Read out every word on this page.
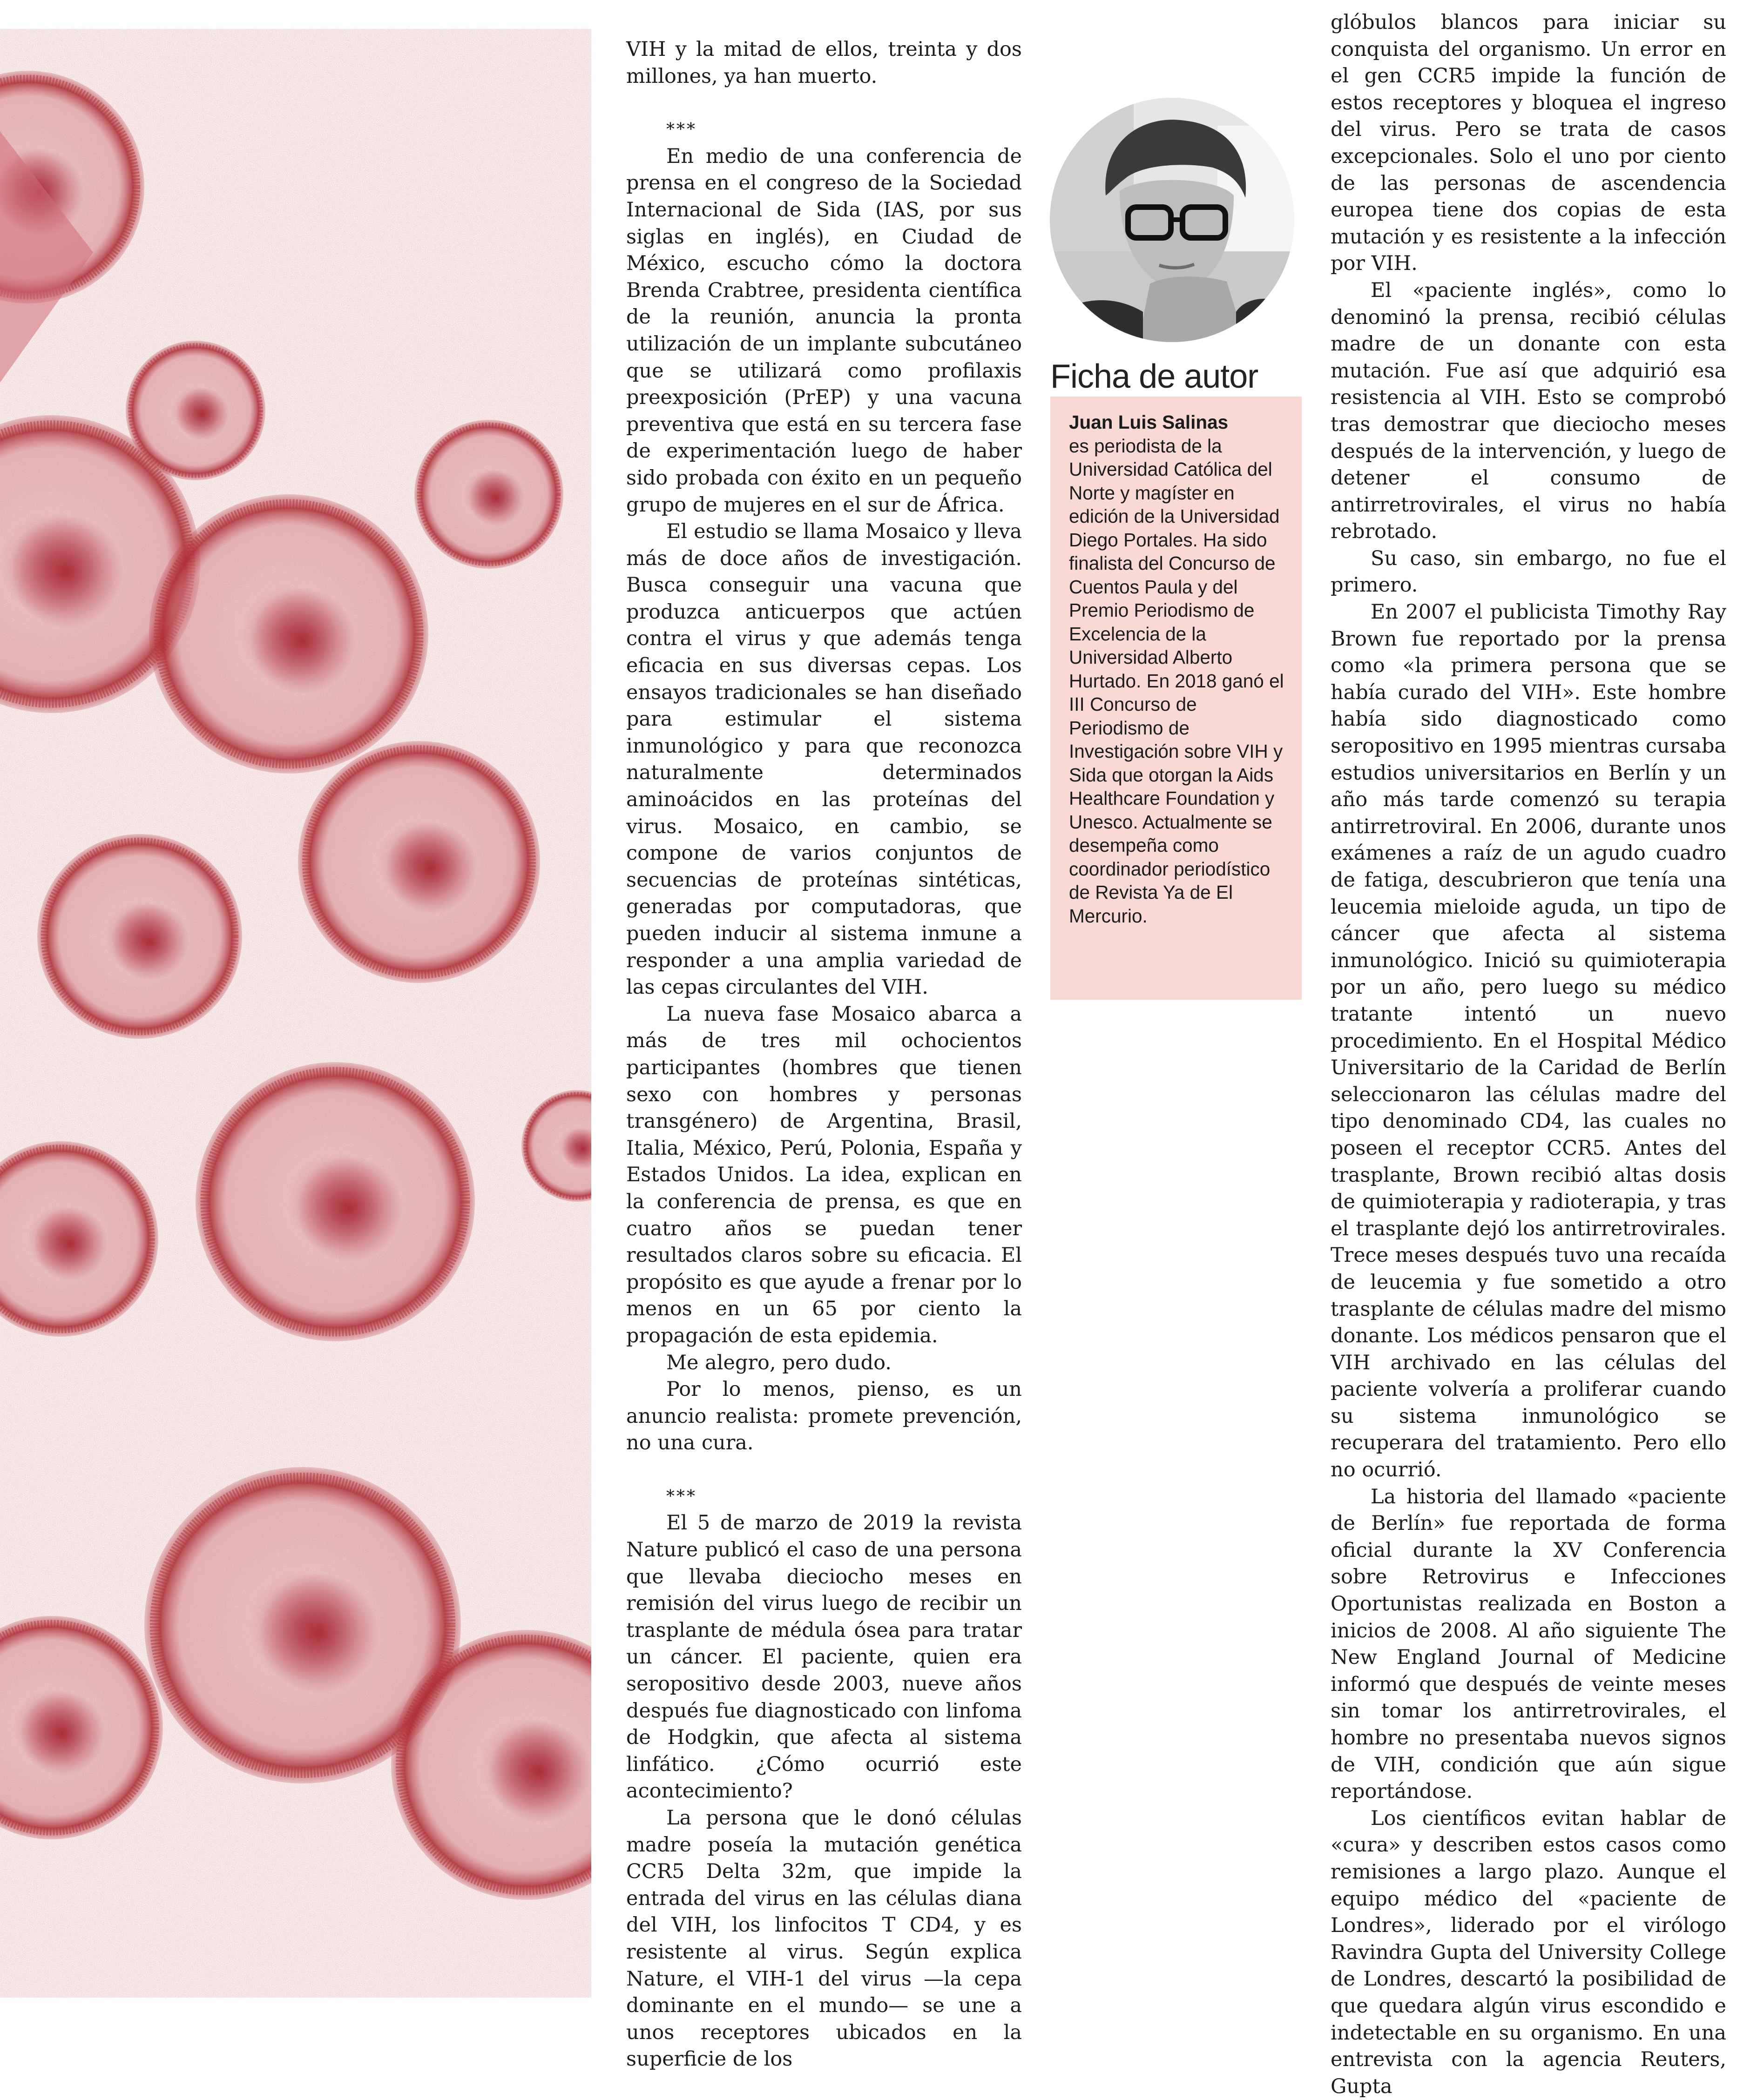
VIH y la mitad de ellos, treinta y dos millones, ya han muerto.

***

En medio de una conferencia de prensa en el congreso de la Sociedad Internacional de Sida (IAS, por sus siglas en inglés), en Ciudad de México, escucho cómo la doctora Brenda Crabtree, presidenta científica de la reunión, anuncia la pronta utilización de un implante subcutáneo que se utilizará como profilaxis preexposición (PrEP) y una vacuna preventiva que está en su tercera fase de experimentación luego de haber sido probada con éxito en un pequeño grupo de mujeres en el sur de África.

El estudio se llama Mosaico y lleva más de doce años de investigación. Busca conseguir una vacuna que produzca anticuerpos que actúen contra el virus y que además tenga eficacia en sus diversas cepas. Los ensayos tradicionales se han diseñado para estimular el sistema inmunológico y para que reconozca naturalmente determinados aminoácidos en las proteínas del virus. Mosaico, en cambio, se compone de varios conjuntos de secuencias de proteínas sintéticas, generadas por computadoras, que pueden inducir al sistema inmune a responder a una amplia variedad de las cepas circulantes del VIH.

La nueva fase Mosaico abarca a más de tres mil ochocientos participantes (hombres que tienen sexo con hombres y personas transgénero) de Argentina, Brasil, Italia, México, Perú, Polonia, España y Estados Unidos. La idea, explican en la conferencia de prensa, es que en cuatro años se puedan tener resultados claros sobre su eficacia. El propósito es que ayude a frenar por lo menos en un 65 por ciento la propagación de esta epidemia.

Me alegro, pero dudo.

Por lo menos, pienso, es un anuncio realista: promete prevención, no una cura.

***

El 5 de marzo de 2019 la revista Nature publicó el caso de una persona que llevaba dieciocho meses en remisión del virus luego de recibir un trasplante de médula ósea para tratar un cáncer. El paciente, quien era seropositivo desde 2003, nueve años después fue diagnosticado con linfoma de Hodgkin, que afecta al sistema linfático. ¿Cómo ocurrió este acontecimiento?

La persona que le donó células madre poseía la mutación genética CCR5 Delta 32m, que impide la entrada del virus en las células diana del VIH, los linfocitos T CD4, y es resistente al virus. Según explica Nature, el VIH-1 del virus —la cepa dominante en el mundo— se une a unos receptores ubicados en la superficie de los

Ficha de autor
Juan Luis Salinas
es periodista de la Universidad Católica del Norte y magíster en edición de la Universidad Diego Portales. Ha sido finalista del Concurso de Cuentos Paula y del Premio Periodismo de Excelencia de la Universidad Alberto Hurtado. En 2018 ganó el III Concurso de Periodismo de Investigación sobre VIH y Sida que otorgan la Aids Healthcare Foundation y Unesco. Actualmente se desempeña como coordinador periodístico de Revista Ya de El Mercurio.

glóbulos blancos para iniciar su conquista del organismo. Un error en el gen CCR5 impide la función de estos receptores y bloquea el ingreso del virus. Pero se trata de casos excepcionales. Solo el uno por ciento de las personas de ascendencia europea tiene dos copias de esta mutación y es resistente a la infección por VIH.

El «paciente inglés», como lo denominó la prensa, recibió células madre de un donante con esta mutación. Fue así que adquirió esa resistencia al VIH. Esto se comprobó tras demostrar que dieciocho meses después de la intervención, y luego de detener el consumo de antirretrovirales, el virus no había rebrotado.

Su caso, sin embargo, no fue el primero.

En 2007 el publicista Timothy Ray Brown fue reportado por la prensa como «la primera persona que se había curado del VIH». Este hombre había sido diagnosticado como seropositivo en 1995 mientras cursaba estudios universitarios en Berlín y un año más tarde comenzó su terapia antirretroviral. En 2006, durante unos exámenes a raíz de un agudo cuadro de fatiga, descubrieron que tenía una leucemia mieloide aguda, un tipo de cáncer que afecta al sistema inmunológico. Inició su quimioterapia por un año, pero luego su médico tratante intentó un nuevo procedimiento. En el Hospital Médico Universitario de la Caridad de Berlín seleccionaron las células madre del tipo denominado CD4, las cuales no poseen el receptor CCR5. Antes del trasplante, Brown recibió altas dosis de quimioterapia y radioterapia, y tras el trasplante dejó los antirretrovirales. Trece meses después tuvo una recaída de leucemia y fue sometido a otro trasplante de células madre del mismo donante. Los médicos pensaron que el VIH archivado en las células del paciente volvería a proliferar cuando su sistema inmunológico se recuperara del tratamiento. Pero ello no ocurrió.

La historia del llamado «paciente de Berlín» fue reportada de forma oficial durante la XV Conferencia sobre Retrovirus e Infecciones Oportunistas realizada en Boston a inicios de 2008. Al año siguiente The New England Journal of Medicine informó que después de veinte meses sin tomar los antirretrovirales, el hombre no presentaba nuevos signos de VIH, condición que aún sigue reportándose.

Los científicos evitan hablar de «cura» y describen estos casos como remisiones a largo plazo. Aunque el equipo médico del «paciente de Londres», liderado por el virólogo Ravindra Gupta del University College de Londres, descartó la posibilidad de que quedara algún virus escondido e indetectable en su organismo. En una entrevista con la agencia Reuters, Gupta
